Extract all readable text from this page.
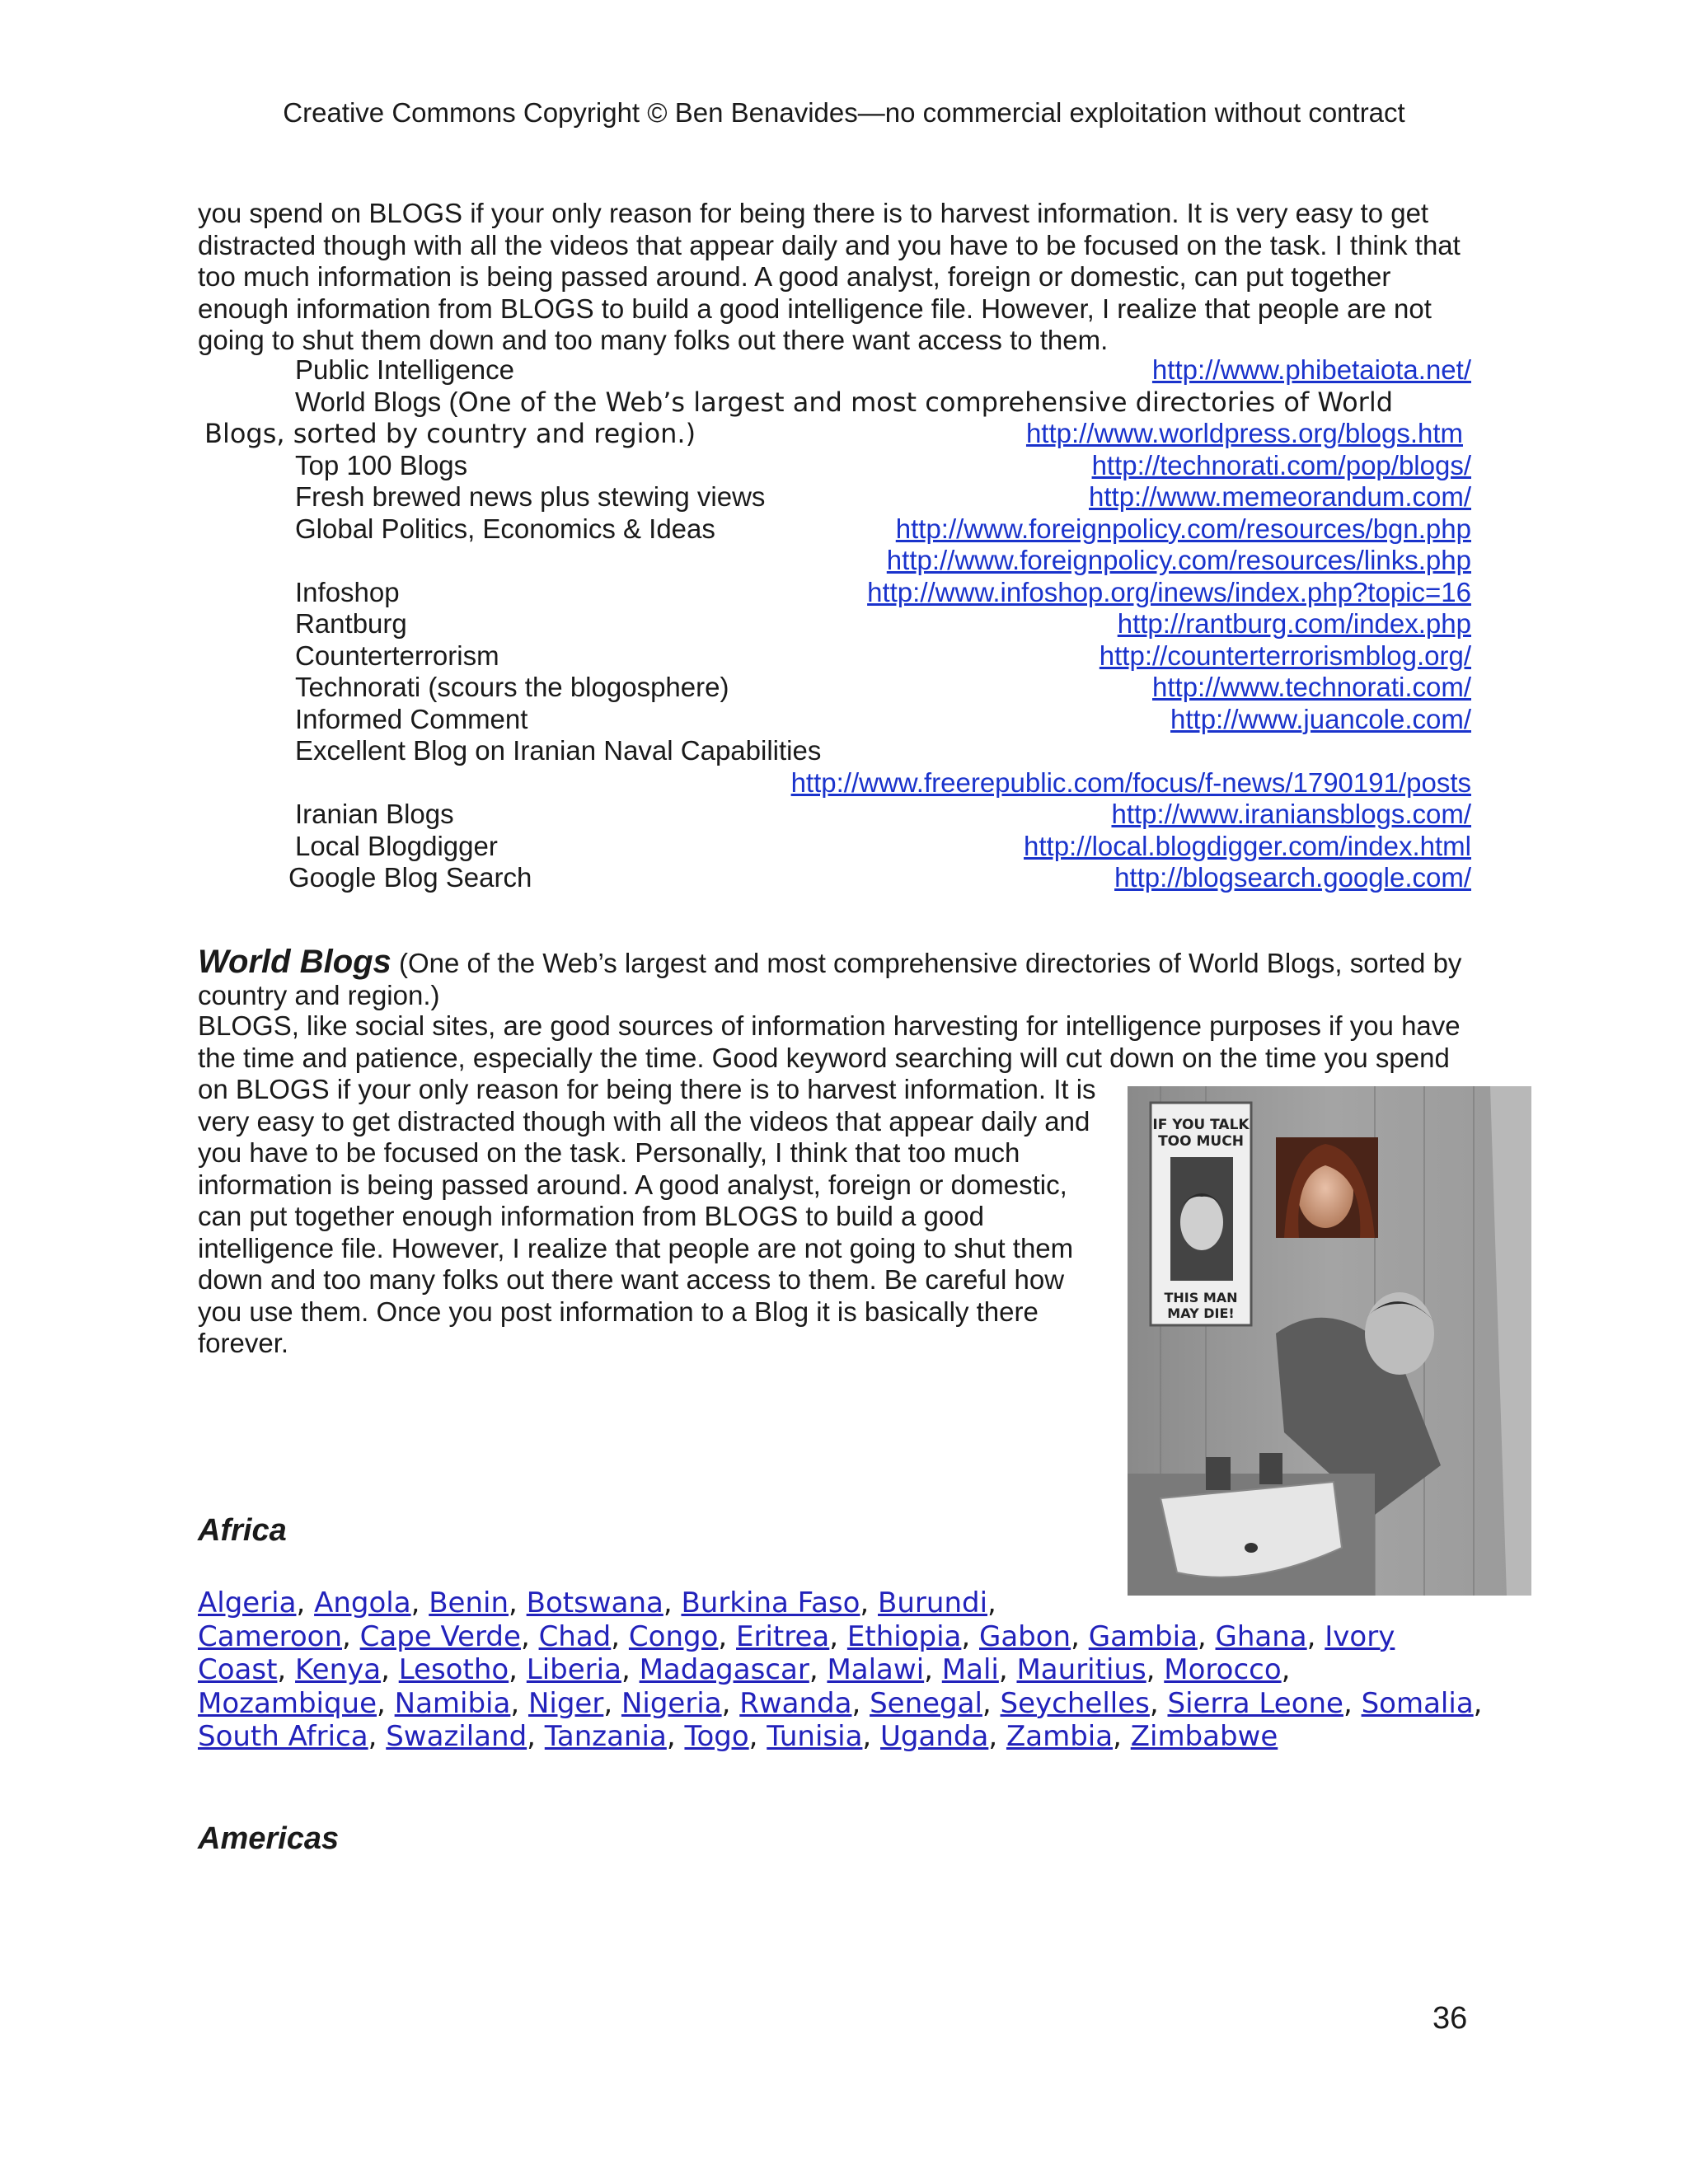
Creative Commons Copyright © Ben Benavides—no commercial exploitation without contract

you spend on BLOGS if your only reason for being there is to harvest information. It is very easy to get distracted though with all the videos that appear daily and you have to be focused on the task. I think that too much information is being passed around. A good analyst, foreign or domestic, can put together enough information from BLOGS to build a good intelligence file. However, I realize that people are not going to shut them down and too many folks out there want access to them.

Public Intelligence	http://www.phibetaiota.net/
World Blogs (One of the Web’s largest and most comprehensive directories of World
Blogs, sorted by country and region.)	http://www.worldpress.org/blogs.htm
Top 100 Blogs	http://technorati.com/pop/blogs/
Fresh brewed news plus stewing views	http://www.memeorandum.com/
Global Politics, Economics & Ideas	http://www.foreignpolicy.com/resources/bgn.php
http://www.foreignpolicy.com/resources/links.php
Infoshop	http://www.infoshop.org/inews/index.php?topic=16
Rantburg	http://rantburg.com/index.php
Counterterrorism	http://counterterrorismblog.org/
Technorati (scours the blogosphere)	http://www.technorati.com/
Informed Comment	http://www.juancole.com/
Excellent Blog on Iranian Naval Capabilities
http://www.freerepublic.com/focus/f-news/1790191/posts
Iranian Blogs	http://www.iraniansblogs.com/
Local Blogdigger	http://local.blogdigger.com/index.html
Google Blog Search	http://blogsearch.google.com/
World Blogs (One of the Web’s largest and most comprehensive directories of World Blogs, sorted by country and region.)

BLOGS, like social sites, are good sources of information harvesting for intelligence purposes if you have the time and patience, especially the time. Good keyword searching will cut down on the time you spend

on BLOGS if your only reason for being there is to harvest information. It is very easy to get distracted though with all the videos that appear daily and you have to be focused on the task. Personally, I think that too much information is being passed around. A good analyst, foreign or domestic, can put together enough information from BLOGS to build a good intelligence file. However, I realize that people are not going to shut them down and too many folks out there want access to them. Be careful how you use them. Once you post information to a Blog it is basically there forever.

IF YOU TALK
TOO MUCH
THIS MAN
MAY DIE!
Africa
Algeria, Angola, Benin, Botswana, Burkina Faso, Burundi,
Cameroon, Cape Verde, Chad, Congo, Eritrea, Ethiopia, Gabon, Gambia, Ghana, Ivory Coast, Kenya, Lesotho, Liberia, Madagascar, Malawi, Mali, Mauritius, Morocco, Mozambique, Namibia, Niger, Nigeria, Rwanda, Senegal, Seychelles, Sierra Leone, Somalia, South Africa, Swaziland, Tanzania, Togo, Tunisia, Uganda, Zambia, Zimbabwe
Americas
36
